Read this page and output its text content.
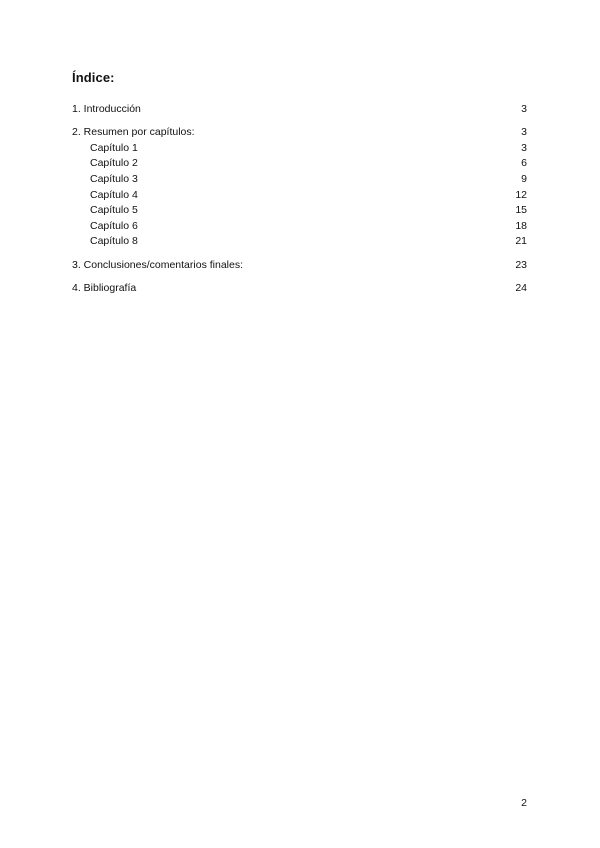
Índice:
1. Introducción	3
2. Resumen por capítulos:	3
Capítulo 1	3
Capítulo 2	6
Capítulo 3	9
Capítulo 4	12
Capítulo 5	15
Capítulo 6	18
Capítulo 8	21
3. Conclusiones/comentarios finales:	23
4. Bibliografía	24
2
